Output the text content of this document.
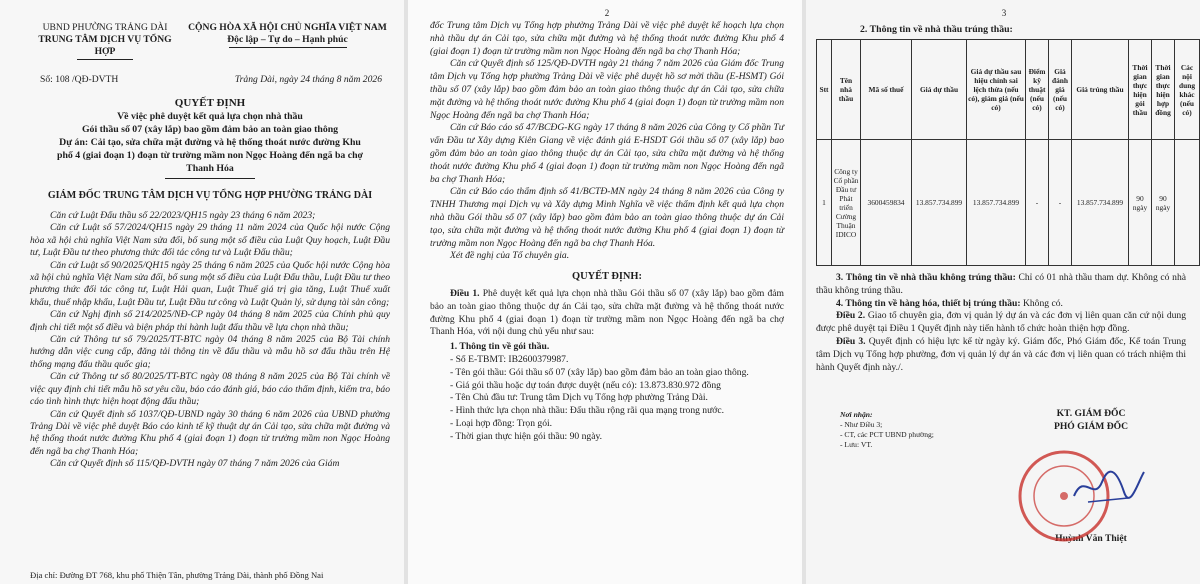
UBND PHƯỜNG TRẢNG DÀI

TRUNG TÂM DỊCH VỤ TỔNG HỢP

CỘNG HÒA XÃ HỘI CHỦ NGHĨA VIỆT NAM

Độc lập – Tự do – Hạnh phúc

Số: 108 /QĐ-DVTH	Trảng Dài, ngày 24 tháng 8 năm 2026

QUYẾT ĐỊNH

Về việc phê duyệt kết quả lựa chọn nhà thầu

Gói thầu số 07 (xây lắp) bao gồm đảm bảo an toàn giao thông

Dự án: Cải tạo, sửa chữa mặt đường và hệ thống thoát nước đường Khu phố 4 (giai đoạn 1) đoạn từ trường mầm non Ngọc Hoàng đến ngã ba chợ Thanh Hóa

GIÁM ĐỐC TRUNG TÂM DỊCH VỤ TỔNG HỢP PHƯỜNG TRẢNG DÀI

Căn cứ Luật Đấu thầu số 22/2023/QH15 ngày 23 tháng 6 năm 2023;

Căn cứ Luật số 57/2024/QH15 ngày 29 tháng 11 năm 2024 của Quốc hội nước Cộng hòa xã hội chủ nghĩa Việt Nam sửa đổi, bổ sung một số điều của Luật Quy hoạch, Luật Đầu tư, Luật Đầu tư theo phương thức đối tác công tư và Luật Đấu thầu;

Căn cứ Luật số 90/2025/QH15 ngày 25 tháng 6 năm 2025 của Quốc hội nước Cộng hòa xã hội chủ nghĩa Việt Nam sửa đổi, bổ sung một số điều của Luật Đấu thầu, Luật Đầu tư theo phương thức đối tác công tư, Luật Hải quan, Luật Thuế giá trị gia tăng, Luật Thuế xuất khẩu, thuế nhập khẩu, Luật Đầu tư, Luật Đầu tư công và Luật Quản lý, sử dụng tài sản công;

Căn cứ Nghị định số 214/2025/NĐ-CP ngày 04 tháng 8 năm 2025 của Chính phủ quy định chi tiết một số điều và biện pháp thi hành luật đấu thầu về lựa chọn nhà thầu;

Căn cứ Thông tư số 79/2025/TT-BTC ngày 04 tháng 8 năm 2025 của Bộ Tài chính hướng dẫn việc cung cấp, đăng tải thông tin về đấu thầu và mẫu hồ sơ đấu thầu trên Hệ thống mạng đấu thầu quốc gia;

Căn cứ Thông tư số 80/2025/TT-BTC ngày 08 tháng 8 năm 2025 của Bộ Tài chính về việc quy định chi tiết mẫu hồ sơ yêu cầu, báo cáo đánh giá, báo cáo thẩm định, kiểm tra, báo cáo tình hình thực hiện hoạt động đấu thầu;

Căn cứ Quyết định số 1037/QĐ-UBND ngày 30 tháng 6 năm 2026 của UBND phường Trảng Dài về việc phê duyệt Báo cáo kinh tế kỹ thuật dự án Cải tạo, sửa chữa mặt đường và hệ thống thoát nước đường Khu phố 4 (giai đoạn 1) đoạn từ trường mầm non Ngọc Hoàng đến ngã ba chợ Thanh Hóa;

Căn cứ Quyết định số 115/QĐ-DVTH ngày 07 tháng 7 năm 2026 của Giám

Địa chỉ: Đường ĐT 768, khu phố Thiện Tân, phường Trảng Dài, thành phố Đồng Nai

2

đốc Trung tâm Dịch vụ Tổng hợp phường Trảng Dài về việc phê duyệt kế hoạch lựa chọn nhà thầu dự án Cải tạo, sửa chữa mặt đường và hệ thống thoát nước đường Khu phố 4 (giai đoạn 1) đoạn từ trường mầm non Ngọc Hoàng đến ngã ba chợ Thanh Hóa;

Căn cứ Quyết định số 125/QĐ-DVTH ngày 21 tháng 7 năm 2026 của Giám đốc Trung tâm Dịch vụ Tổng hợp phường Trảng Dài về việc phê duyệt hồ sơ mời thầu (E-HSMT) Gói thầu số 07 (xây lắp) bao gồm đảm bảo an toàn giao thông thuộc dự án Cải tạo, sửa chữa mặt đường và hệ thống thoát nước đường Khu phố 4 (giai đoạn 1) đoạn từ trường mầm non Ngọc Hoàng đến ngã ba chợ Thanh Hóa;

Căn cứ Báo cáo số 47/BCĐG-KG ngày 17 tháng 8 năm 2026 của Công ty Cổ phần Tư vấn Đầu tư Xây dựng Kiên Giang về việc đánh giá E-HSDT Gói thầu số 07 (xây lắp) bao gồm đảm bảo an toàn giao thông thuộc dự án Cải tạo, sửa chữa mặt đường và hệ thống thoát nước đường Khu phố 4 (giai đoạn 1) đoạn từ trường mầm non Ngọc Hoàng đến ngã ba chợ Thanh Hóa;

Căn cứ Báo cáo thẩm định số 41/BCTĐ-MN ngày 24 tháng 8 năm 2026 của Công ty TNHH Thương mại Dịch vụ và Xây dựng Minh Nghĩa về việc thẩm định kết quả lựa chọn nhà thầu Gói thầu số 07 (xây lắp) bao gồm đảm bảo an toàn giao thông thuộc dự án Cải tạo, sửa chữa mặt đường và hệ thống thoát nước đường Khu phố 4 (giai đoạn 1) đoạn từ trường mầm non Ngọc Hoàng đến ngã ba chợ Thanh Hóa.

Xét đề nghị của Tổ chuyên gia.

QUYẾT ĐỊNH:

Điều 1. Phê duyệt kết quả lựa chọn nhà thầu Gói thầu số 07 (xây lắp) bao gồm đảm bảo an toàn giao thông thuộc dự án Cải tạo, sửa chữa mặt đường và hệ thống thoát nước đường Khu phố 4 (giai đoạn 1) đoạn từ trường mầm non Ngọc Hoàng đến ngã ba chợ Thanh Hóa, với nội dung chủ yếu như sau:

1. Thông tin về gói thầu.

- Số E-TBMT: IB2600379987.

- Tên gói thầu: Gói thầu số 07 (xây lắp) bao gồm đảm bảo an toàn giao thông.

- Giá gói thầu hoặc dự toán được duyệt (nếu có): 13.873.830.972 đồng

- Tên Chủ đầu tư: Trung tâm Dịch vụ Tổng hợp phường Trảng Dài.

- Hình thức lựa chọn nhà thầu: Đấu thầu rộng rãi qua mạng trong nước.

- Loại hợp đồng: Trọn gói.

- Thời gian thực hiện gói thầu: 90 ngày.

3

2. Thông tin về nhà thầu trúng thầu:

Stt	Tên nhà thầu	Mã số thuế	Giá dự thầu	Giá dự thầu sau hiệu chỉnh sai lệch thừa (nếu có), giảm giá (nếu có)	Điểm kỹ thuật (nếu có)	Giá đánh giá (nếu có)	Giá trúng thầu	Thời gian thực hiện gói thầu	Thời gian thực hiện hợp đồng	Các nội dung khác (nếu có)
1	Công ty Cổ phần Đầu tư Phát triển Cường Thuận IDICO	3600459834	13.857.734.899	13.857.734.899	-	-	13.857.734.899	90 ngày	90 ngày	

3. Thông tin về nhà thầu không trúng thầu: Chỉ có 01 nhà thầu tham dự. Không có nhà thầu không trúng thầu.

4. Thông tin về hàng hóa, thiết bị trúng thầu: Không có.

Điều 2. Giao tổ chuyên gia, đơn vị quản lý dự án và các đơn vị liên quan căn cứ nội dung được phê duyệt tại Điều 1 Quyết định này tiến hành tổ chức hoàn thiện hợp đồng.

Điều 3. Quyết định có hiệu lực kể từ ngày ký. Giám đốc, Phó Giám đốc, Kế toán Trung tâm Dịch vụ Tổng hợp phường, đơn vị quản lý dự án và các đơn vị liên quan có trách nhiệm thi hành Quyết định này./.

Nơi nhận:

- Như Điều 3;

- CT, các PCT UBND phường;

- Lưu: VT.

KT. GIÁM ĐỐC

PHÓ GIÁM ĐỐC

Huỳnh Văn Thiệt
